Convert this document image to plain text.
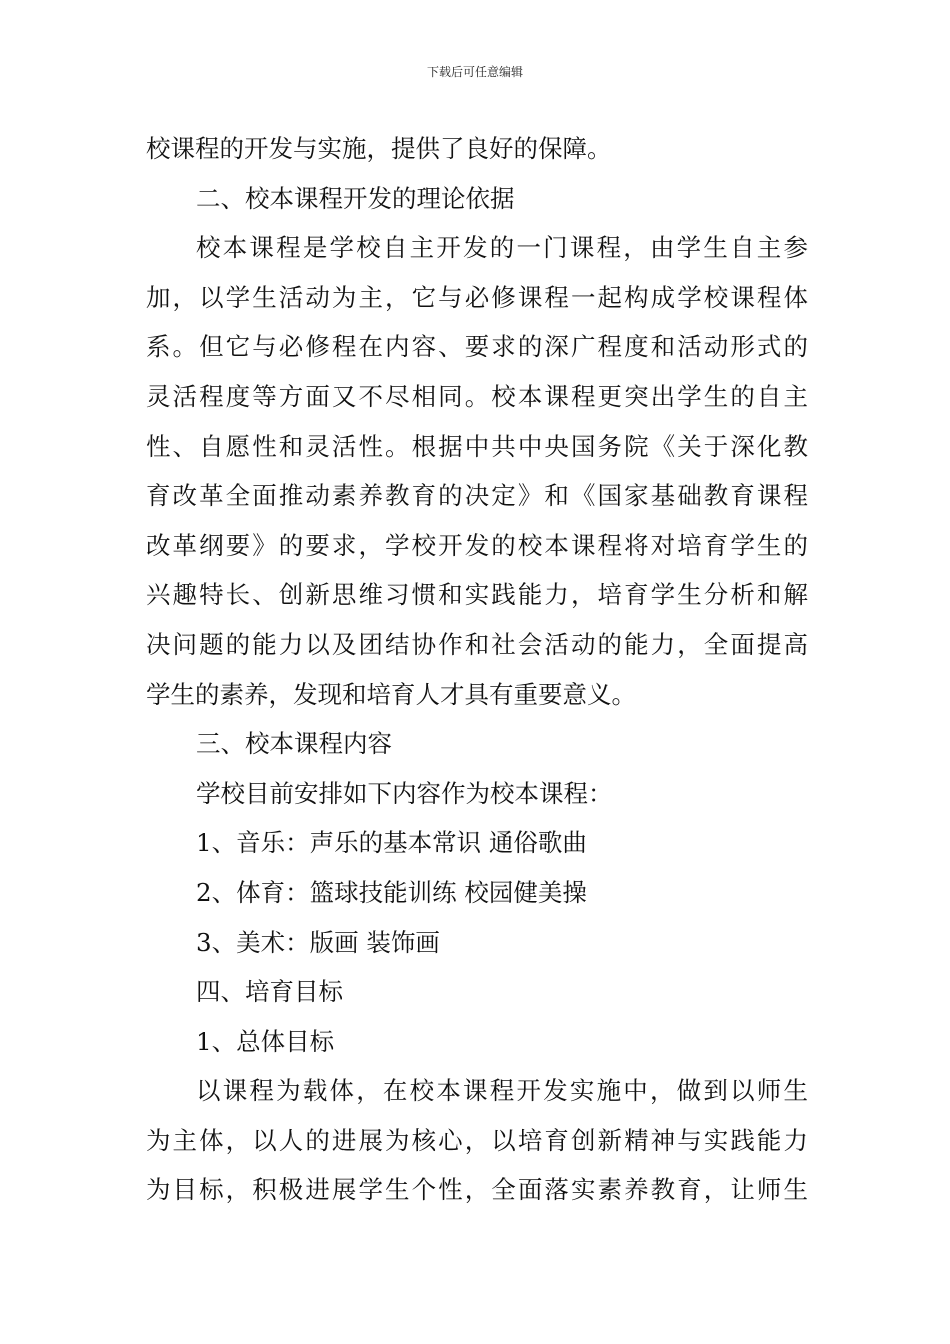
下载后可任意编辑
校课程的开发与实施，提供了良好的保障。
二、校本课程开发的理论依据
校本课程是学校自主开发的一门课程，由学生自主参
加，以学生活动为主，它与必修课程一起构成学校课程体
系。但它与必修程在内容、要求的深广程度和活动形式的
灵活程度等方面又不尽相同。校本课程更突出学生的自主
性、自愿性和灵活性。根据中共中央国务院《关于深化教
育改革全面推动素养教育的决定》和《国家基础教育课程
改革纲要》的要求，学校开发的校本课程将对培育学生的
兴趣特长、创新思维习惯和实践能力，培育学生分析和解
决问题的能力以及团结协作和社会活动的能力，全面提高
学生的素养，发现和培育人才具有重要意义。
三、校本课程内容
学校目前安排如下内容作为校本课程：
1、音乐：声乐的基本常识 通俗歌曲
2、体育：篮球技能训练 校园健美操
3、美术：版画 装饰画
四、培育目标
1、总体目标
以课程为载体，在校本课程开发实施中，做到以师生
为主体，以人的进展为核心，以培育创新精神与实践能力
为目标，积极进展学生个性，全面落实素养教育，让师生
